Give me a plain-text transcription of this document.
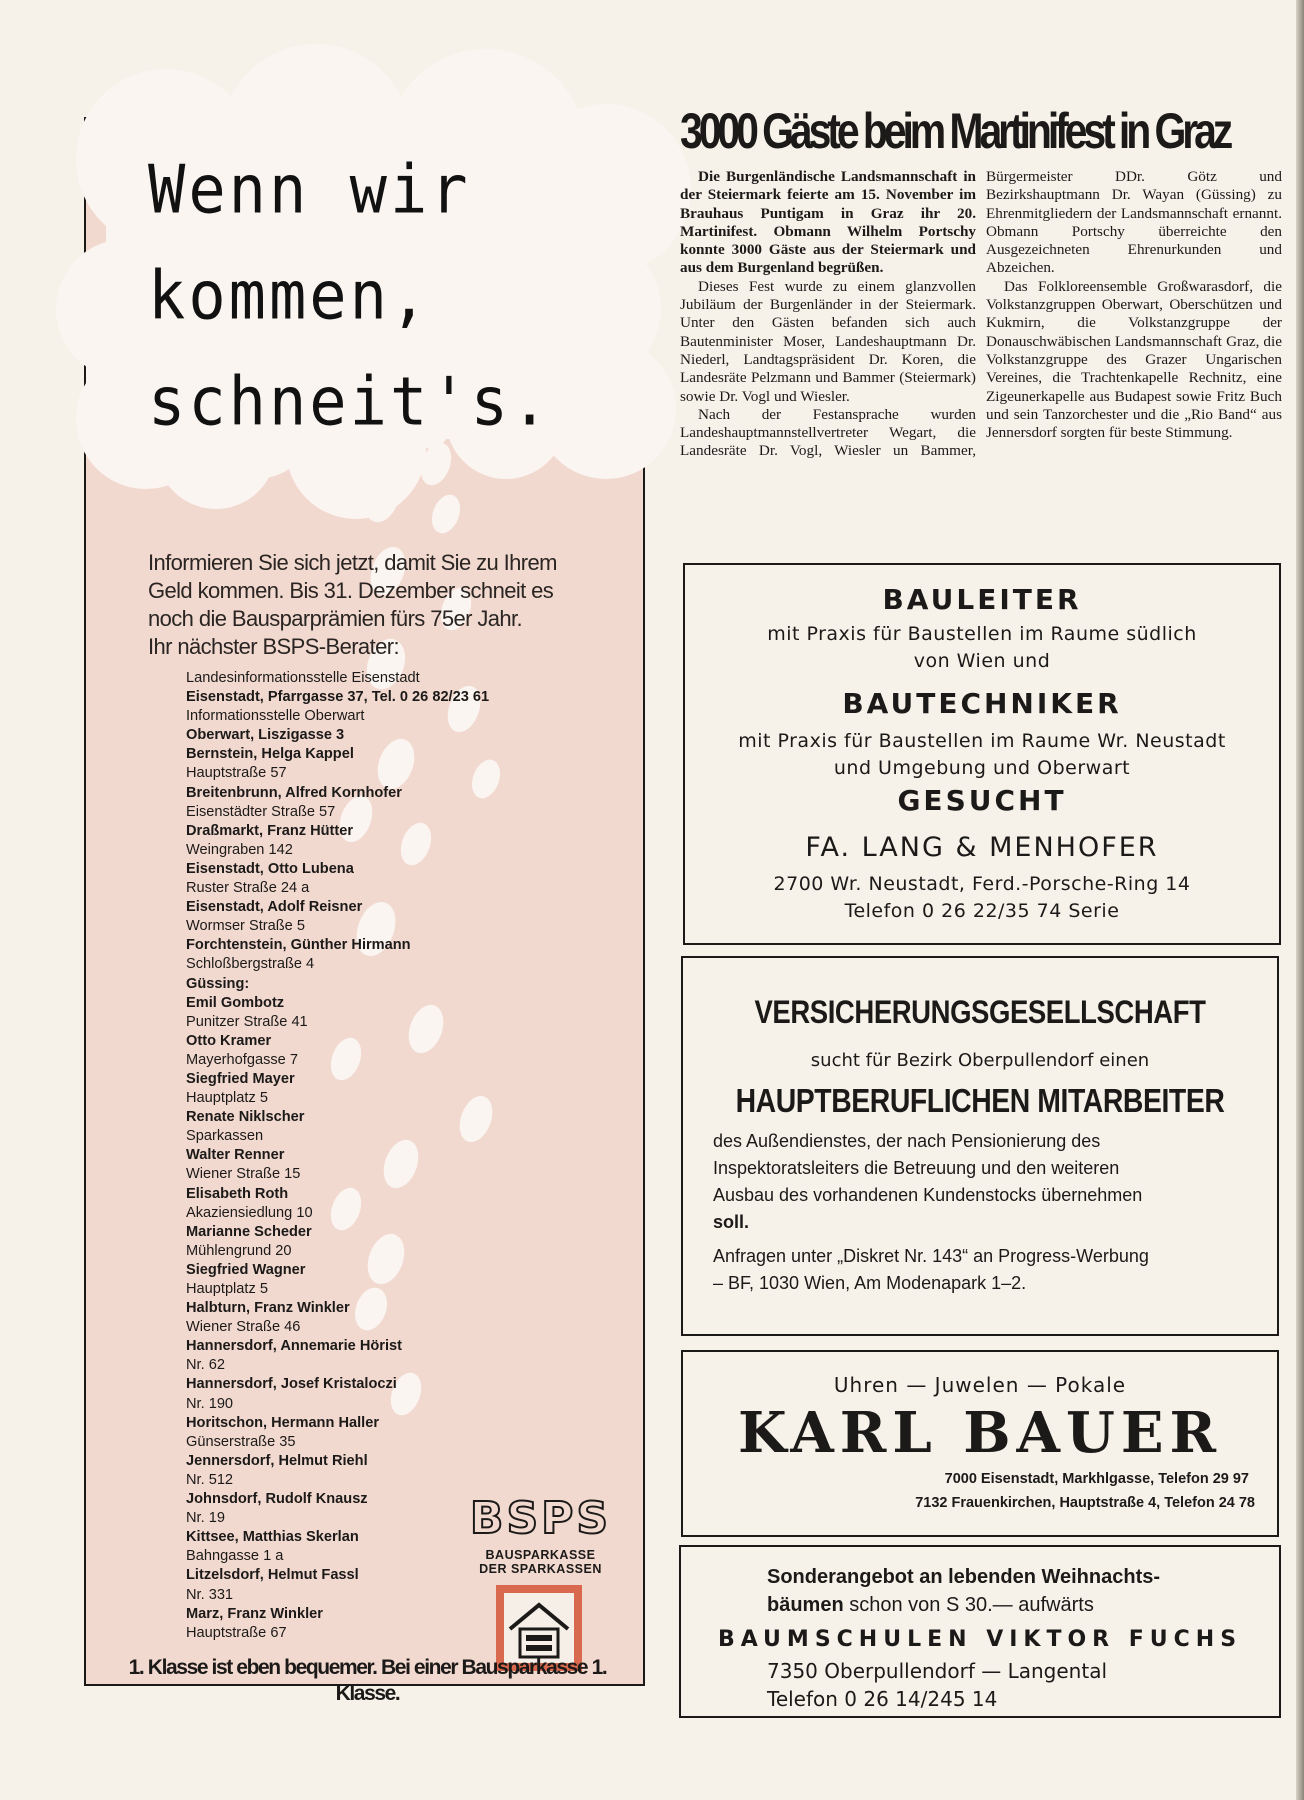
Wenn wir
kommen,
schneit's.

Informieren Sie sich jetzt, damit Sie zu Ihrem
Geld kommen. Bis 31. Dezember schneit es
noch die Bausparprämien fürs 75er Jahr.
Ihr nächster BSPS-Berater:

Landesinformationsstelle Eisenstadt
Eisenstadt, Pfarrgasse 37, Tel. 0 26 82/23 61
Informationsstelle Oberwart
Oberwart, Liszigasse 3
Bernstein, Helga Kappel
Hauptstraße 57
Breitenbrunn, Alfred Kornhofer
Eisenstädter Straße 57
Draßmarkt, Franz Hütter
Weingraben 142
Eisenstadt, Otto Lubena
Ruster Straße 24 a
Eisenstadt, Adolf Reisner
Wormser Straße 5
Forchtenstein, Günther Hirmann
Schloßbergstraße 4
Güssing:
Emil Gombotz
Punitzer Straße 41
Otto Kramer
Mayerhofgasse 7
Siegfried Mayer
Hauptplatz 5
Renate Niklscher
Sparkassen
Walter Renner
Wiener Straße 15
Elisabeth Roth
Akaziensiedlung 10
Marianne Scheder
Mühlengrund 20
Siegfried Wagner
Hauptplatz 5
Halbturn, Franz Winkler
Wiener Straße 46
Hannersdorf, Annemarie Hörist
Nr. 62
Hannersdorf, Josef Kristaloczi
Nr. 190
Horitschon, Hermann Haller
Günserstraße 35
Jennersdorf, Helmut Riehl
Nr. 512
Johnsdorf, Rudolf Knausz
Nr. 19
Kittsee, Matthias Skerlan
Bahngasse 1 a
Litzelsdorf, Helmut Fassl
Nr. 331
Marz, Franz Winkler
Hauptstraße 67
BSPS
BAUSPARKASSE
DER SPARKASSEN

1. Klasse ist eben bequemer. Bei einer Bausparkasse 1. Klasse.

3000 Gäste beim Martinifest in Graz

Die Burgenländische Landsmannschaft in der Steiermark feierte am 15. November im Brauhaus Puntigam in Graz ihr 20. Martinifest. Obmann Wilhelm Portschy konnte 3000 Gäste aus der Steiermark und aus dem Burgenland begrüßen.

Dieses Fest wurde zu einem glanzvollen Jubiläum der Burgenländer in der Steiermark. Unter den Gästen befanden sich auch Bautenminister Moser, Landeshauptmann Dr. Niederl, Landtagspräsident Dr. Koren, die Landesräte Pelzmann und Bammer (Steiermark) sowie Dr. Vogl und Wiesler.

Nach der Festansprache wurden Landeshauptmannstellvertreter Wegart, die Landesräte Dr. Vogl, Wiesler un Bammer, Bürgermeister DDr. Götz und Bezirkshauptmann Dr. Wayan (Güssing) zu Ehrenmitgliedern der Landsmannschaft ernannt. Obmann Portschy überreichte den Ausgezeichneten Ehrenurkunden und Abzeichen.

Das Folkloreensemble Großwarasdorf, die Volkstanzgruppen Oberwart, Oberschützen und Kukmirn, die Volkstanzgruppe der Donauschwäbischen Landsmannschaft Graz, die Volkstanzgruppe des Grazer Ungarischen Vereines, die Trachtenkapelle Rechnitz, eine Zigeunerkapelle aus Budapest sowie Fritz Buch und sein Tanzorchester und die „Rio Band“ aus Jennersdorf sorgten für beste Stimmung.

BAULEITER

mit Praxis für Baustellen im Raume südlich

von Wien und

BAUTECHNIKER

mit Praxis für Baustellen im Raume Wr. Neustadt

und Umgebung und Oberwart

GESUCHT

FA. LANG & MENHOFER

2700 Wr. Neustadt, Ferd.-Porsche-Ring 14

Telefon 0 26 22/35 74 Serie

VERSICHERUNGSGESELLSCHAFT

sucht für Bezirk Oberpullendorf einen

HAUPTBERUFLICHEN MITARBEITER

des Außendienstes, der nach Pensionierung des
Inspektoratsleiters die Betreuung und den weiteren
Ausbau des vorhandenen Kundenstocks übernehmen
soll.
Anfragen unter „Diskret Nr. 143“ an Progress-Werbung
– BF, 1030 Wien, Am Modenapark 1–2.

Uhren — Juwelen — Pokale

KARL BAUER

7000 Eisenstadt, Markhlgasse, Telefon 29 97

7132 Frauenkirchen, Hauptstraße 4, Telefon 24 78

Sonderangebot an lebenden Weihnachts-

bäumen schon von S 30.— aufwärts

BAUMSCHULEN VIKTOR FUCHS

7350 Oberpullendorf — Langental

Telefon 0 26 14/245 14
